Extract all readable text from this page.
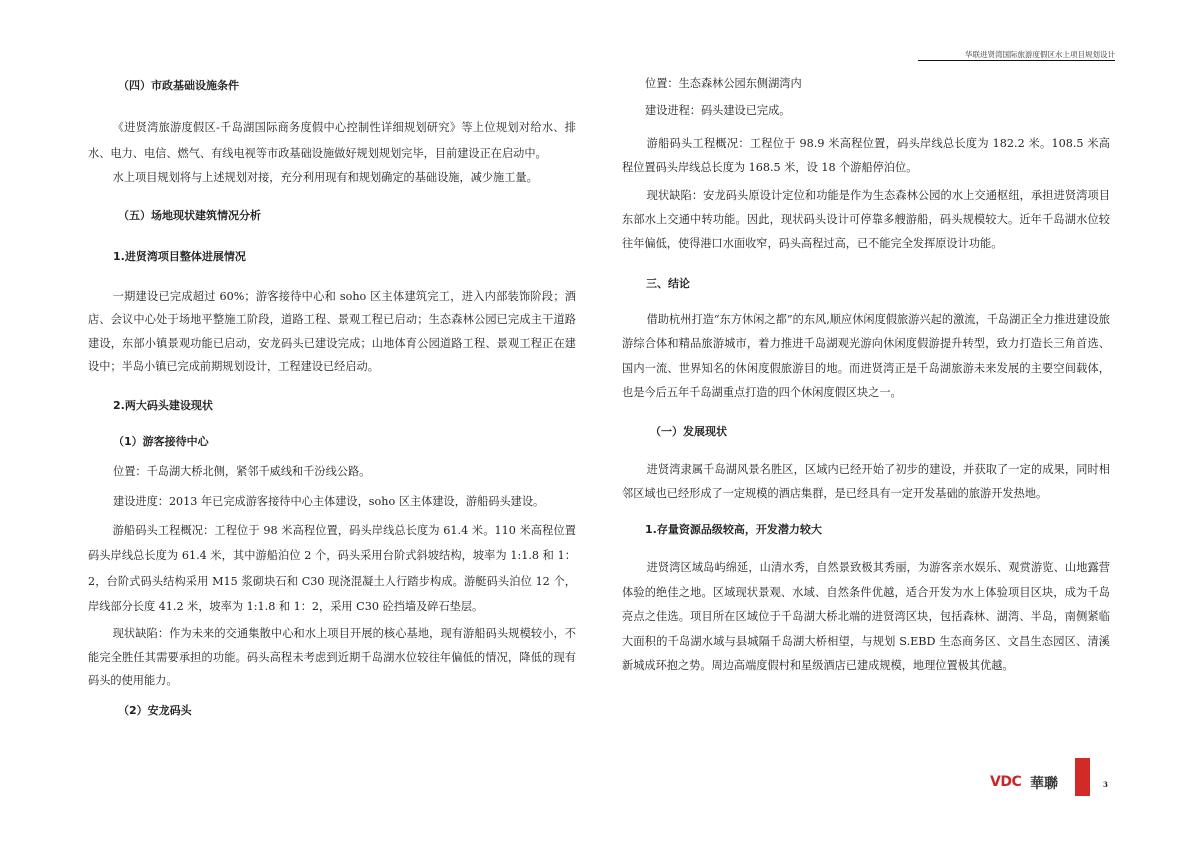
华联进贤湾国际旅游度假区水上项目规划设计
（四）市政基础设施条件
《进贤湾旅游度假区-千岛湖国际商务度假中心控制性详细规划研究》等上位规划对给水、排水、电力、电信、燃气、有线电视等市政基础设施做好规划规划完毕，目前建设正在启动中。
水上项目规划将与上述规划对接，充分利用现有和规划确定的基础设施，减少施工量。
（五）场地现状建筑情况分析
1.进贤湾项目整体进展情况
一期建设已完成超过 60%；游客接待中心和 soho 区主体建筑完工，进入内部装饰阶段；酒店、会议中心处于场地平整施工阶段，道路工程、景观工程已启动；生态森林公园已完成主干道路建设，东部小镇景观功能已启动，安龙码头已建设完成；山地体育公园道路工程、景观工程正在建设中；半岛小镇已完成前期规划设计，工程建设已经启动。
2.两大码头建设现状
（1）游客接待中心
位置：千岛湖大桥北侧，紧邻千威线和千汾线公路。
建设进度：2013 年已完成游客接待中心主体建设，soho 区主体建设，游船码头建设。
游船码头工程概况：工程位于 98 米高程位置，码头岸线总长度为 61.4 米。110 米高程位置码头岸线总长度为 61.4 米，其中游船泊位 2 个，码头采用台阶式斜坡结构，坡率为 1:1.8 和 1：2，台阶式码头结构采用 M15 浆砌块石和 C30 现浇混凝土人行踏步构成。游艇码头泊位 12 个，岸线部分长度 41.2 米，坡率为 1:1.8 和 1：2，采用 C30 砼挡墙及碎石垫层。
现状缺陷：作为未来的交通集散中心和水上项目开展的核心基地，现有游船码头规模较小，不能完全胜任其需要承担的功能。码头高程未考虑到近期千岛湖水位较往年偏低的情况，降低的现有码头的使用能力。
（2）安龙码头
位置：生态森林公园东侧湖湾内
建设进程：码头建设已完成。
游船码头工程概况：工程位于 98.9 米高程位置，码头岸线总长度为 182.2 米。108.5 米高程位置码头岸线总长度为 168.5 米，设 18 个游船停泊位。
现状缺陷：安龙码头原设计定位和功能是作为生态森林公园的水上交通枢纽，承担进贤湾项目东部水上交通中转功能。因此，现状码头设计可停靠多艘游船，码头规模较大。近年千岛湖水位较往年偏低，使得港口水面收窄，码头高程过高，已不能完全发挥原设计功能。
三、结论
借助杭州打造“东方休闲之都”的东风,顺应休闲度假旅游兴起的激流，千岛湖正全力推进建设旅游综合体和精品旅游城市，着力推进千岛湖观光游向休闲度假游提升转型，致力打造长三角首选、国内一流、世界知名的休闲度假旅游目的地。而进贤湾正是千岛湖旅游未来发展的主要空间载体，也是今后五年千岛湖重点打造的四个休闲度假区块之一。
（一）发展现状
进贤湾隶属千岛湖风景名胜区，区域内已经开始了初步的建设，并获取了一定的成果，同时相邻区域也已经形成了一定规模的酒店集群，是已经具有一定开发基础的旅游开发热地。
1.存量资源品级较高，开发潜力较大
进贤湾区域岛屿绵延，山清水秀，自然景致极其秀丽，为游客亲水娱乐、观赏游览、山地露营体验的绝佳之地。区域现状景观、水域、自然条件优越，适合开发为水上体验项目区块，成为千岛亮点之佳选。项目所在区域位于千岛湖大桥北端的进贤湾区块，包括森林、湖湾、半岛，南侧紧临大面积的千岛湖水域与县城隔千岛湖大桥相望，与规划 S.EBD 生态商务区、文昌生态园区、清溪新城成环抱之势。周边高端度假村和星级酒店已建成规模，地理位置极其优越。
VDC 華聯	3
